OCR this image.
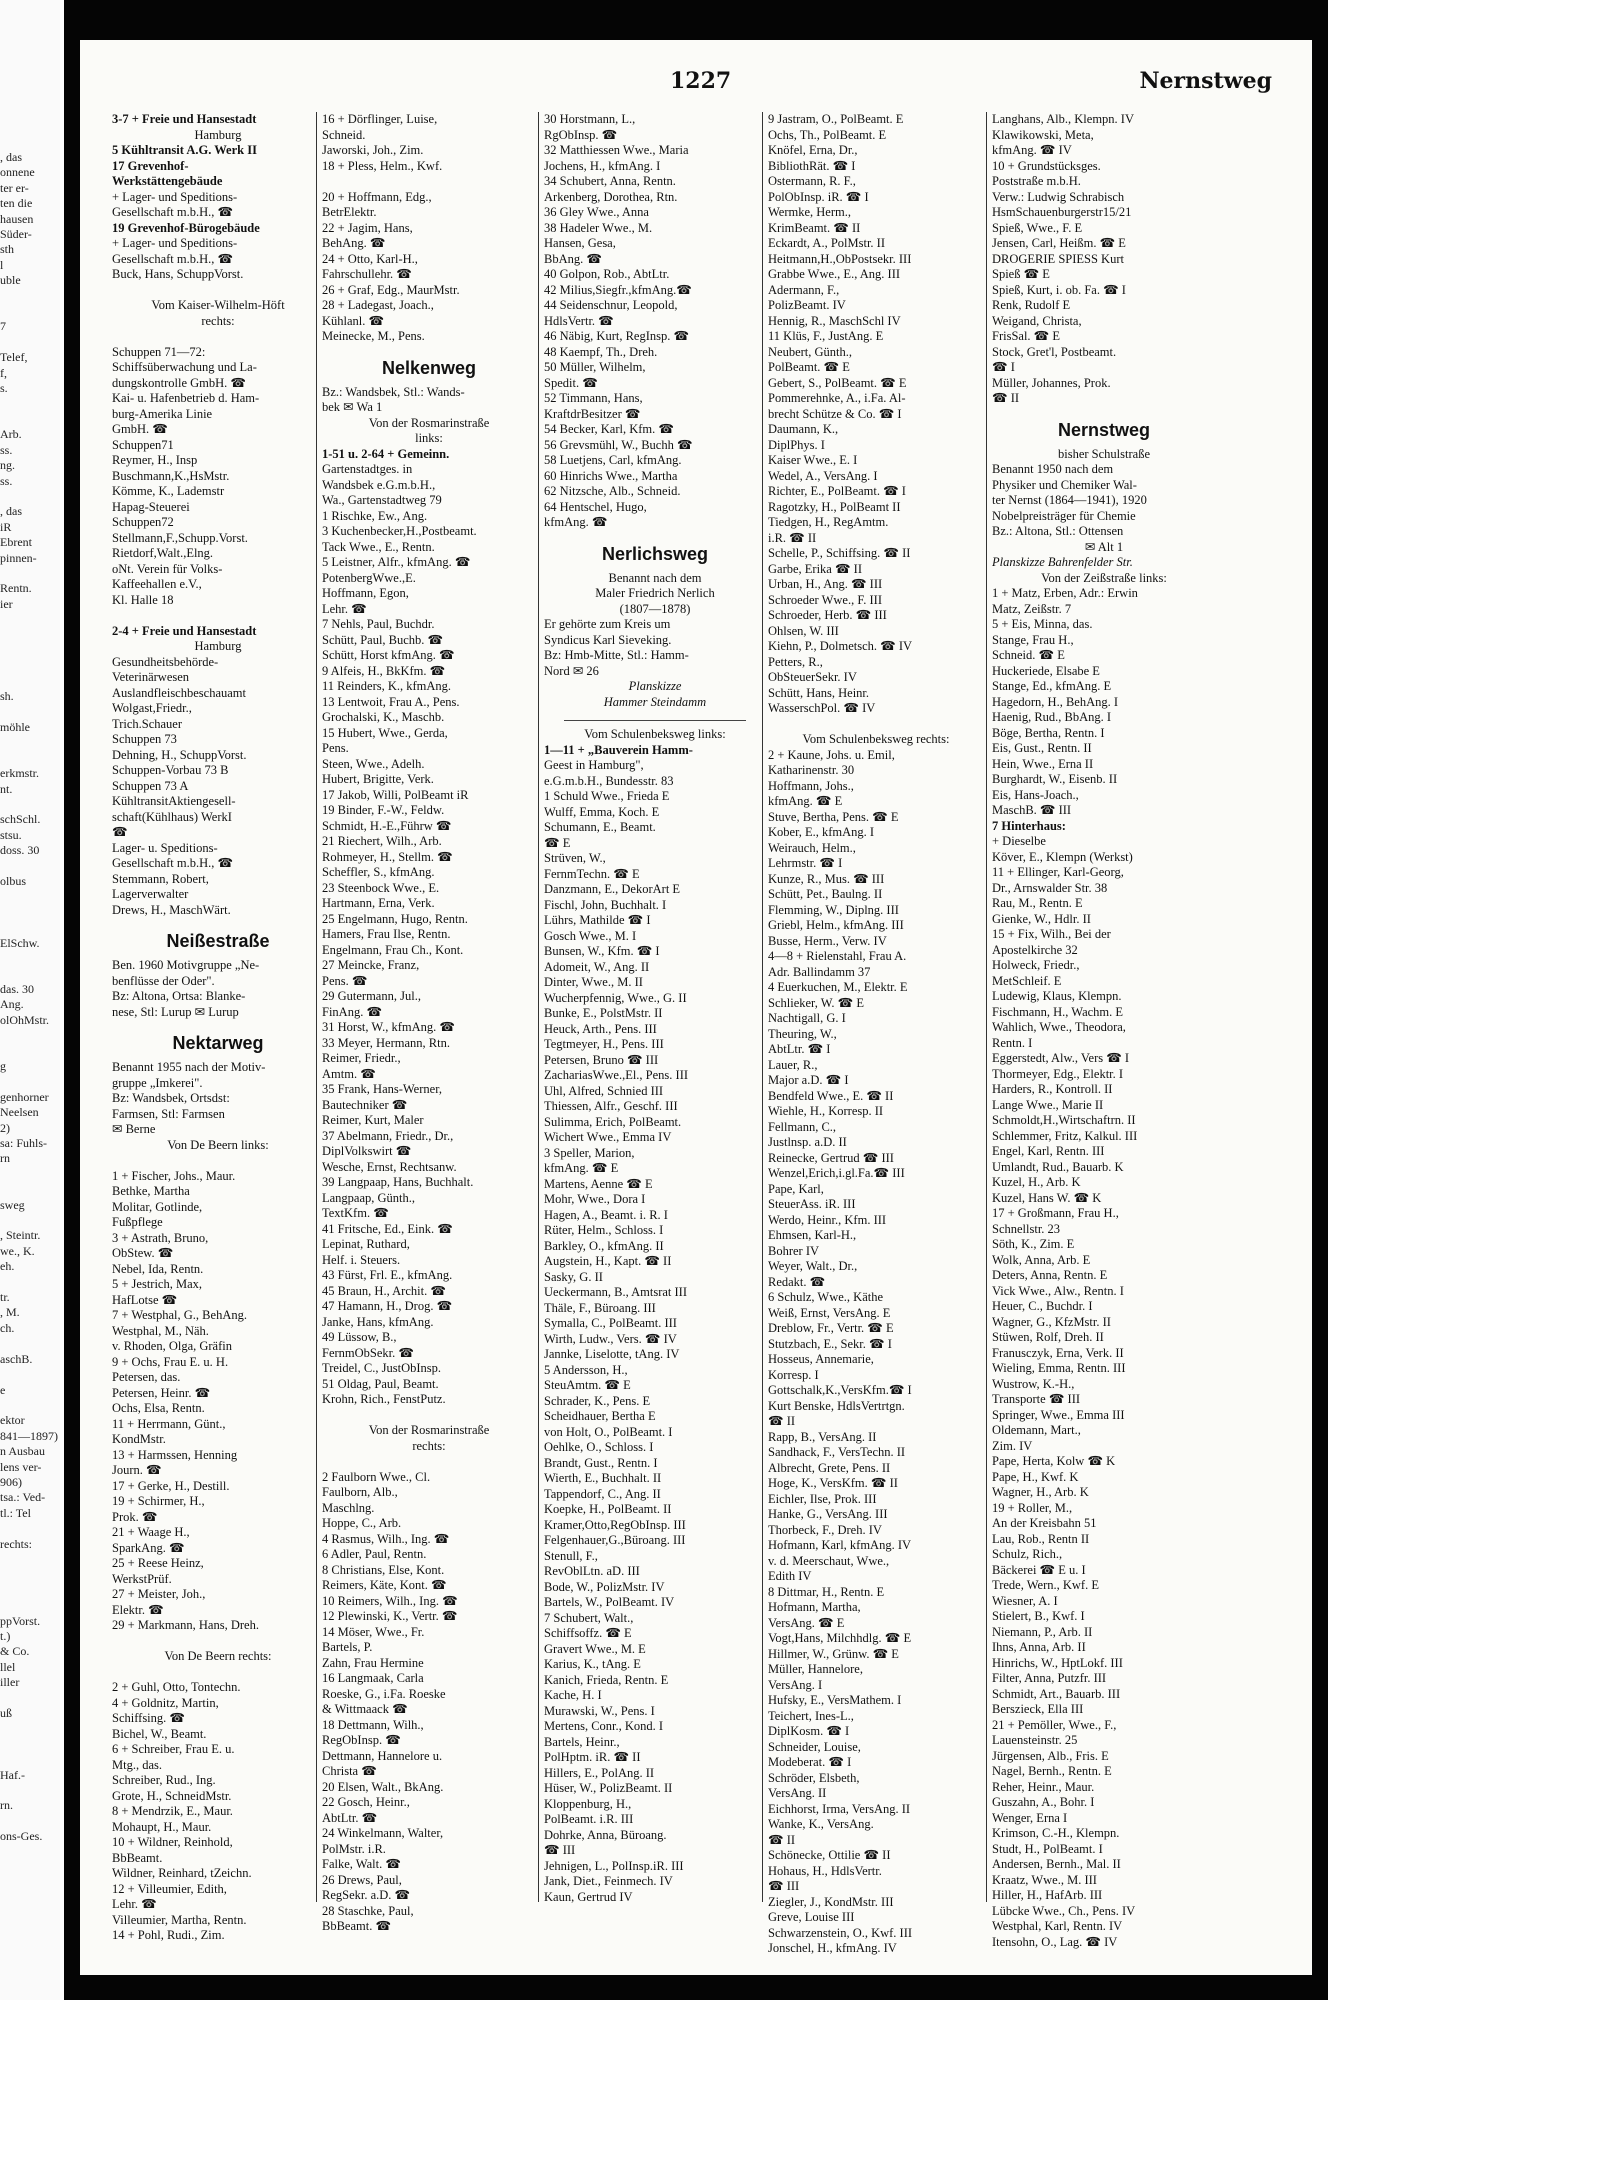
, das
onnene
ter er-
ten die
hausen
Süder-
sth
l
uble

7

Telef,
f,
s.

Arb.
ss.
ng.
ss.

, das
iR
Ebrent
pinnen-

Rentn.
ier

sh.

möhle

erkmstr.
nt.

schSchl.
stsu.
doss. 30

olbus

ElSchw.

das. 30
Ang.
olOhMstr.

g

genhorner
Neelsen
2)
sa: Fuhls-
rn

sweg

, Steintr.
we., K.
eh.

tr.
, M.
ch.

aschB.

e

ektor
841—1897)
n Ausbau
lens ver-
906)
tsa.: Ved-
tl.: Tel

rechts:

ppVorst.
t.)
& Co.
llel
iller

uß

Haf.-

rn.

ons-Ges.
1227	Nernstweg
3-7 + Freie und Hansestadt
Hamburg
5 Kühltransit A.G. Werk II
17 Grevenhof-
Werkstättengebäude
+ Lager- und Speditions-
Gesellschaft m.b.H., ☎
19 Grevenhof-Bürogebäude
+ Lager- und Speditions-
Gesellschaft m.b.H., ☎
Buck, Hans, SchuppVorst.

Vom Kaiser-Wilhelm-Höft
rechts:

Schuppen 71—72:
Schiffsüberwachung und La-
dungskontrolle GmbH. ☎
Kai- u. Hafenbetrieb d. Ham-
burg-Amerika Linie
GmbH. ☎
Schuppen71
Reymer, H., Insp
Buschmann,K.,HsMstr.
Kömme, K., Lademstr
Hapag-Steuerei
Schuppen72
Stellmann,F.,Schupp.Vorst.
Rietdorf,Walt.,Elng.
oNt. Verein für Volks-
Kaffeehallen e.V.,
Kl. Halle 18

2-4 + Freie und Hansestadt
Hamburg
Gesundheitsbehörde-
Veterinärwesen
Auslandfleischbeschauamt
Wolgast,Friedr.,
Trich.Schauer
Schuppen 73
Dehning, H., SchuppVorst.
Schuppen-Vorbau 73 B
Schuppen 73 A
KühltransitAktiengesell-
schaft(Kühlhaus) WerkI
☎
Lager- u. Speditions-
Gesellschaft m.b.H., ☎
Stemmann, Robert,
Lagerverwalter
Drews, H., MaschWärt.
Neißestraße
Ben. 1960 Motivgruppe „Ne-
benflüsse der Oder".
Bz: Altona, Ortsa: Blanke-
nese, Stl: Lurup ✉ Lurup
Nektarweg
Benannt 1955 nach der Motiv-
gruppe „Imkerei".
Bz: Wandsbek, Ortsdst:
Farmsen, Stl: Farmsen
✉ Berne
Von De Beern links:

1 + Fischer, Johs., Maur.
Bethke, Martha
Molitar, Gotlinde,
Fußpflege
3 + Astrath, Bruno,
ObStew. ☎
Nebel, Ida, Rentn.
5 + Jestrich, Max,
HafLotse ☎
7 + Westphal, G., BehAng.
Westphal, M., Näh.
v. Rhoden, Olga, Gräfin
9 + Ochs, Frau E. u. H.
Petersen, das.
Petersen, Heinr. ☎
Ochs, Elsa, Rentn.
11 + Herrmann, Günt.,
KondMstr.
13 + Harmssen, Henning
Journ. ☎
17 + Gerke, H., Destill.
19 + Schirmer, H.,
Prok. ☎
21 + Waage H.,
SparkAng. ☎
25 + Reese Heinz,
WerkstPrüf.
27 + Meister, Joh.,
Elektr. ☎
29 + Markmann, Hans, Dreh.

Von De Beern rechts:

2 + Guhl, Otto, Tontechn.
4 + Goldnitz, Martin,
Schiffsing. ☎
Bichel, W., Beamt.
6 + Schreiber, Frau E. u.
Mtg., das.
Schreiber, Rud., Ing.
Grote, H., SchneidMstr.
8 + Mendrzik, E., Maur.
Mohaupt, H., Maur.
10 + Wildner, Reinhold,
BbBeamt.
Wildner, Reinhard, tZeichn.
12 + Villeumier, Edith,
Lehr. ☎
Villeumier, Martha, Rentn.
14 + Pohl, Rudi., Zim.
16 + Dörflinger, Luise,
Schneid.
Jaworski, Joh., Zim.
18 + Pless, Helm., Kwf.

20 + Hoffmann, Edg.,
BetrElektr.
22 + Jagim, Hans,
BehAng. ☎
24 + Otto, Karl-H.,
Fahrschullehr. ☎
26 + Graf, Edg., MaurMstr.
28 + Ladegast, Joach.,
Kühlanl. ☎
Meinecke, M., Pens.
Nelkenweg
Bz.: Wandsbek, Stl.: Wands-
bek ✉ Wa 1
Von der Rosmarinstraße
links:
1-51 u. 2-64 + Gemeinn.
Gartenstadtges. in
Wandsbek e.G.m.b.H.,
Wa., Gartenstadtweg 79
1 Rischke, Ew., Ang.
3 Kuchenbecker,H.,Postbeamt.
Tack Wwe., E., Rentn.
5 Leistner, Alfr., kfmAng. ☎
PotenbergWwe.,E.
Hoffmann, Egon,
Lehr. ☎
7 Nehls, Paul, Buchdr.
Schütt, Paul, Buchb. ☎
Schütt, Horst kfmAng. ☎
9 Alfeis, H., BkKfm. ☎
11 Reinders, K., kfmAng.
13 Lentwoit, Frau A., Pens.
Grochalski, K., Maschb.
15 Hubert, Wwe., Gerda,
Pens.
Steen, Wwe., Adelh.
Hubert, Brigitte, Verk.
17 Jakob, Willi, PolBeamt iR
19 Binder, F.-W., Feldw.
Schmidt, H.-E.,Führw ☎
21 Riechert, Wilh., Arb.
Rohmeyer, H., Stellm. ☎
Scheffler, S., kfmAng.
23 Steenbock Wwe., E.
Hartmann, Erna, Verk.
25 Engelmann, Hugo, Rentn.
Hamers, Frau Ilse, Rentn.
Engelmann, Frau Ch., Kont.
27 Meincke, Franz,
Pens. ☎
29 Gutermann, Jul.,
FinAng. ☎
31 Horst, W., kfmAng. ☎
33 Meyer, Hermann, Rtn.
Reimer, Friedr.,
Amtm. ☎
35 Frank, Hans-Werner,
Bautechniker ☎
Reimer, Kurt, Maler
37 Abelmann, Friedr., Dr.,
DiplVolkswirt ☎
Wesche, Ernst, Rechtsanw.
39 Langpaap, Hans, Buchhalt.
Langpaap, Günth.,
TextKfm. ☎
41 Fritsche, Ed., Eink. ☎
Lepinat, Ruthard,
Helf. i. Steuers.
43 Fürst, Frl. E., kfmAng.
45 Braun, H., Archit. ☎
47 Hamann, H., Drog. ☎
Janke, Hans, kfmAng.
49 Lüssow, B.,
FernmObSekr. ☎
Treidel, C., JustObInsp.
51 Oldag, Paul, Beamt.
Krohn, Rich., FenstPutz.

Von der Rosmarinstraße
rechts:

2 Faulborn Wwe., Cl.
Faulborn, Alb.,
Maschlng.
Hoppe, C., Arb.
4 Rasmus, Wilh., Ing. ☎
6 Adler, Paul, Rentn.
8 Christians, Else, Kont.
Reimers, Käte, Kont. ☎
10 Reimers, Wilh., Ing. ☎
12 Plewinski, K., Vertr. ☎
14 Möser, Wwe., Fr.
Bartels, P.
Zahn, Frau Hermine
16 Langmaak, Carla
Roeske, G., i.Fa. Roeske
& Wittmaack ☎
18 Dettmann, Wilh.,
RegObInsp. ☎
Dettmann, Hannelore u.
Christa ☎
20 Elsen, Walt., BkAng.
22 Gosch, Heinr.,
AbtLtr. ☎
24 Winkelmann, Walter,
PolMstr. i.R.
Falke, Walt. ☎
26 Drews, Paul,
RegSekr. a.D. ☎
28 Staschke, Paul,
BbBeamt. ☎
30 Horstmann, L.,
RgObInsp. ☎
32 Matthiessen Wwe., Maria
Jochens, H., kfmAng. I
34 Schubert, Anna, Rentn.
Arkenberg, Dorothea, Rtn.
36 Gley Wwe., Anna
38 Hadeler Wwe., M.
Hansen, Gesa,
BbAng. ☎
40 Golpon, Rob., AbtLtr.
42 Milius,Siegfr.,kfmAng.☎
44 Seidenschnur, Leopold,
HdlsVertr. ☎
46 Näbig, Kurt, RegInsp. ☎
48 Kaempf, Th., Dreh.
50 Müller, Wilhelm,
Spedit. ☎
52 Timmann, Hans,
KraftdrBesitzer ☎
54 Becker, Karl, Kfm. ☎
56 Grevsmühl, W., Buchh ☎
58 Luetjens, Carl, kfmAng.
60 Hinrichs Wwe., Martha
62 Nitzsche, Alb., Schneid.
64 Hentschel, Hugo,
kfmAng. ☎
Nerlichsweg
Benannt nach dem
Maler Friedrich Nerlich
(1807—1878)
Er gehörte zum Kreis um
Syndicus Karl Sieveking.
Bz: Hmb-Mitte, Stl.: Hamm-
Nord ✉ 26
Planskizze
Hammer Steindamm
Vom Schulenbeksweg links:
1—11 + „Bauverein Hamm-
Geest in Hamburg",
e.G.m.b.H., Bundesstr. 83
1 Schuld Wwe., Frieda E
Wulff, Emma, Koch. E
Schumann, E., Beamt.
☎ E
Strüven, W.,
FernmTechn. ☎ E
Danzmann, E., DekorArt E
Fischl, John, Buchhalt. I
Lührs, Mathilde ☎ I
Gosch Wwe., M. I
Bunsen, W., Kfm. ☎ I
Adomeit, W., Ang. II
Dinter, Wwe., M. II
Wucherpfennig, Wwe., G. II
Bunke, E., PolstMstr. II
Heuck, Arth., Pens. III
Tegtmeyer, H., Pens. III
Petersen, Bruno ☎ III
ZachariasWwe.,El., Pens. III
Uhl, Alfred, Schnied III
Thiessen, Alfr., Geschf. III
Sulimma, Erich, PolBeamt.
Wichert Wwe., Emma IV
3 Speller, Marion,
kfmAng. ☎ E
Martens, Aenne ☎ E
Mohr, Wwe., Dora I
Hagen, A., Beamt. i. R. I
Rüter, Helm., Schloss. I
Barkley, O., kfmAng. II
Augstein, H., Kapt. ☎ II
Sasky, G. II
Ueckermann, B., Amtsrat III
Thäle, F., Büroang. III
Symalla, C., PolBeamt. III
Wirth, Ludw., Vers. ☎ IV
Jannke, Liselotte, tAng. IV
5 Andersson, H.,
SteuAmtm. ☎ E
Schrader, K., Pens. E
Scheidhauer, Bertha E
von Holt, O., PolBeamt. I
Oehlke, O., Schloss. I
Brandt, Gust., Rentn. I
Wierth, E., Buchhalt. II
Tappendorf, C., Ang. II
Koepke, H., PolBeamt. II
Kramer,Otto,RegObInsp. III
Felgenhauer,G.,Büroang. III
Stenull, F.,
RevOblLtn. aD. III
Bode, W., PolizMstr. IV
Bartels, W., PolBeamt. IV
7 Schubert, Walt.,
Schiffsoffz. ☎ E
Gravert Wwe., M. E
Karius, K., tAng. E
Kanich, Frieda, Rentn. E
Kache, H. I
Murawski, W., Pens. I
Mertens, Conr., Kond. I
Bartels, Heinr.,
PolHptm. iR. ☎ II
Hillers, E., PolAng. II
Hüser, W., PolizBeamt. II
Kloppenburg, H.,
PolBeamt. i.R. III
Dohrke, Anna, Büroang.
☎ III
Jehnigen, L., PolInsp.iR. III
Jank, Diet., Feinmech. IV
Kaun, Gertrud IV
9 Jastram, O., PolBeamt. E
Ochs, Th., PolBeamt. E
Knöfel, Erna, Dr.,
BibliothRät. ☎ I
Ostermann, R. F.,
PolObInsp. iR. ☎ I
Wermke, Herm.,
KrimBeamt. ☎ II
Eckardt, A., PolMstr. II
Heitmann,H.,ObPostsekr. III
Grabbe Wwe., E., Ang. III
Adermann, F.,
PolizBeamt. IV
Hennig, R., MaschSchl IV
11 Klüs, F., JustAng. E
Neubert, Günth.,
PolBeamt. ☎ E
Gebert, S., PolBeamt. ☎ E
Pommerehnke, A., i.Fa. Al-
brecht Schütze & Co. ☎ I
Daumann, K.,
DiplPhys. I
Kaiser Wwe., E. I
Wedel, A., VersAng. I
Richter, E., PolBeamt. ☎ I
Ragotzky, H., PolBeamt II
Tiedgen, H., RegAmtm.
i.R. ☎ II
Schelle, P., Schiffsing. ☎ II
Garbe, Erika ☎ II
Urban, H., Ang. ☎ III
Schroeder Wwe., F. III
Schroeder, Herb. ☎ III
Ohlsen, W. III
Kiehn, P., Dolmetsch. ☎ IV
Petters, R.,
ObSteuerSekr. IV
Schütt, Hans, Heinr.
WasserschPol. ☎ IV

Vom Schulenbeksweg rechts:
2 + Kaune, Johs. u. Emil,
Katharinenstr. 30
Hoffmann, Johs.,
kfmAng. ☎ E
Stuve, Bertha, Pens. ☎ E
Kober, E., kfmAng. I
Weirauch, Helm.,
Lehrmstr. ☎ I
Kunze, R., Mus. ☎ III
Schütt, Pet., Baulng. II
Flemming, W., Diplng. III
Griebl, Helm., kfmAng. III
Busse, Herm., Verw. IV
4—8 + Rielenstahl, Frau A.
Adr. Ballindamm 37
4 Euerkuchen, M., Elektr. E
Schlieker, W. ☎ E
Nachtigall, G. I
Theuring, W.,
AbtLtr. ☎ I
Lauer, R.,
Major a.D. ☎ I
Bendfeld Wwe., E. ☎ II
Wiehle, H., Korresp. II
Fellmann, C.,
Justlnsp. a.D. II
Reinecke, Gertrud ☎ III
Wenzel,Erich,i.gl.Fa.☎ III
Pape, Karl,
SteuerAss. iR. III
Werdo, Heinr., Kfm. III
Ehmsen, Karl-H.,
Bohrer IV
Weyer, Walt., Dr.,
Redakt. ☎
6 Schulz, Wwe., Käthe
Weiß, Ernst, VersAng. E
Dreblow, Fr., Vertr. ☎ E
Stutzbach, E., Sekr. ☎ I
Hosseus, Annemarie,
Korresp. I
Gottschalk,K.,VersKfm.☎ I
Kurt Benske, HdlsVertrtgn.
☎ II
Rapp, B., VersAng. II
Sandhack, F., VersTechn. II
Albrecht, Grete, Pens. II
Hoge, K., VersKfm. ☎ II
Eichler, Ilse, Prok. III
Hanke, G., VersAng. III
Thorbeck, F., Dreh. IV
Hofmann, Karl, kfmAng. IV
v. d. Meerschaut, Wwe.,
Edith IV
8 Dittmar, H., Rentn. E
Hofmann, Martha,
VersAng. ☎ E
Vogt,Hans, Milchhdlg. ☎ E
Hillmer, W., Grünw. ☎ E
Müller, Hannelore,
VersAng. I
Hufsky, E., VersMathem. I
Teichert, Ines-L.,
DiplKosm. ☎ I
Schneider, Louise,
Modeberat. ☎ I
Schröder, Elsbeth,
VersAng. II
Eichhorst, Irma, VersAng. II
Wanke, K., VersAng.
☎ II
Schönecke, Ottilie ☎ II
Hohaus, H., HdlsVertr.
☎ III
Ziegler, J., KondMstr. III
Greve, Louise III
Schwarzenstein, O., Kwf. III
Jonschel, H., kfmAng. IV
Langhans, Alb., Klempn. IV
Klawikowski, Meta,
kfmAng. ☎ IV
10 + Grundstücksges.
Poststraße m.b.H.
Verw.: Ludwig Schrabisch
HsmSchauenburgerstr15/21
Spieß, Wwe., F. E
Jensen, Carl, Heißm. ☎ E
DROGERIE SPIESS Kurt
Spieß ☎ E
Spieß, Kurt, i. ob. Fa. ☎ I
Renk, Rudolf E
Weigand, Christa,
FrisSal. ☎ E
Stock, Gret'l, Postbeamt.
☎ I
Müller, Johannes, Prok.
☎ II
Nernstweg
bisher Schulstraße
Benannt 1950 nach dem
Physiker und Chemiker Wal-
ter Nernst (1864—1941), 1920
Nobelpreisträger für Chemie
Bz.: Altona, Stl.: Ottensen
✉ Alt 1
Planskizze Bahrenfelder Str.
Von der Zeißstraße links:
1 + Matz, Erben, Adr.: Erwin
Matz, Zeißstr. 7
5 + Eis, Minna, das.
Stange, Frau H.,
Schneid. ☎ E
Huckeriede, Elsabe E
Stange, Ed., kfmAng. E
Hagedorn, H., BehAng. I
Haenig, Rud., BbAng. I
Böge, Bertha, Rentn. I
Eis, Gust., Rentn. II
Hein, Wwe., Erna II
Burghardt, W., Eisenb. II
Eis, Hans-Joach.,
MaschB. ☎ III
7 Hinterhaus:
+ Dieselbe
Köver, E., Klempn (Werkst)
11 + Ellinger, Karl-Georg,
Dr., Arnswalder Str. 38
Rau, M., Rentn. E
Gienke, W., Hdlr. II
15 + Fix, Wilh., Bei der
Apostelkirche 32
Holweck, Friedr.,
MetSchleif. E
Ludewig, Klaus, Klempn.
Fischmann, H., Wachm. E
Wahlich, Wwe., Theodora,
Rentn. I
Eggerstedt, Alw., Vers ☎ I
Thormeyer, Edg., Elektr. I
Harders, R., Kontroll. II
Lange Wwe., Marie II
Schmoldt,H.,Wirtschaftrn. II
Schlemmer, Fritz, Kalkul. III
Engel, Karl, Rentn. III
Umlandt, Rud., Bauarb. K
Kuzel, H., Arb. K
Kuzel, Hans W. ☎ K
17 + Großmann, Frau H.,
Schnellstr. 23
Söth, K., Zim. E
Wolk, Anna, Arb. E
Deters, Anna, Rentn. E
Vick Wwe., Alw., Rentn. I
Heuer, C., Buchdr. I
Wagner, G., KfzMstr. II
Stüwen, Rolf, Dreh. II
Franusczyk, Erna, Verk. II
Wieling, Emma, Rentn. III
Wustrow, K.-H.,
Transporte ☎ III
Springer, Wwe., Emma III
Oldemann, Mart.,
Zim. IV
Pape, Herta, Kolw ☎ K
Pape, H., Kwf. K
Wagner, H., Arb. K
19 + Roller, M.,
An der Kreisbahn 51
Lau, Rob., Rentn II
Schulz, Rich.,
Bäckerei ☎ E u. I
Trede, Wern., Kwf. E
Wiesner, A. I
Stielert, B., Kwf. I
Niemann, P., Arb. II
Ihns, Anna, Arb. II
Hinrichs, W., HptLokf. III
Filter, Anna, Putzfr. III
Schmidt, Art., Bauarb. III
Berszieck, Ella III
21 + Pemöller, Wwe., F.,
Lauensteinstr. 25
Jürgensen, Alb., Fris. E
Nagel, Bernh., Rentn. E
Reher, Heinr., Maur.
Guszahn, A., Bohr. I
Wenger, Erna I
Krimson, C.-H., Klempn.
Studt, H., PolBeamt. I
Andersen, Bernh., Mal. II
Kraatz, Wwe., M. III
Hiller, H., HafArb. III
Lübcke Wwe., Ch., Pens. IV
Westphal, Karl, Rentn. IV
Itensohn, O., Lag. ☎ IV
